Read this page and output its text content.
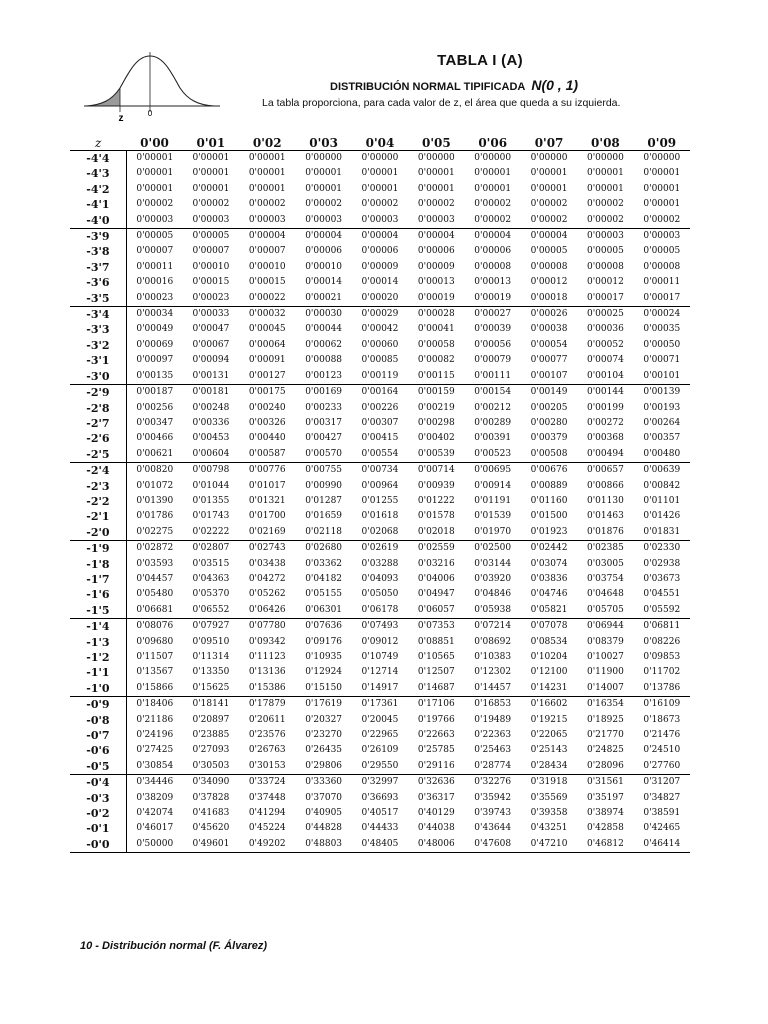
z	0
TABLA I (A)
DISTRIBUCIÓN NORMAL TIPIFICADA N(0 , 1)
La tabla proporciona, para cada valor de z, el área que queda a su izquierda.
z	0'00	0'01	0'02	0'03	0'04	0'05	0'06	0'07	0'08	0'09
-4'4	0'00001	0'00001	0'00001	0'00000	0'00000	0'00000	0'00000	0'00000	0'00000	0'00000
-4'3	0'00001	0'00001	0'00001	0'00001	0'00001	0'00001	0'00001	0'00001	0'00001	0'00001
-4'2	0'00001	0'00001	0'00001	0'00001	0'00001	0'00001	0'00001	0'00001	0'00001	0'00001
-4'1	0'00002	0'00002	0'00002	0'00002	0'00002	0'00002	0'00002	0'00002	0'00002	0'00001
-4'0	0'00003	0'00003	0'00003	0'00003	0'00003	0'00003	0'00002	0'00002	0'00002	0'00002
-3'9	0'00005	0'00005	0'00004	0'00004	0'00004	0'00004	0'00004	0'00004	0'00003	0'00003
-3'8	0'00007	0'00007	0'00007	0'00006	0'00006	0'00006	0'00006	0'00005	0'00005	0'00005
-3'7	0'00011	0'00010	0'00010	0'00010	0'00009	0'00009	0'00008	0'00008	0'00008	0'00008
-3'6	0'00016	0'00015	0'00015	0'00014	0'00014	0'00013	0'00013	0'00012	0'00012	0'00011
-3'5	0'00023	0'00023	0'00022	0'00021	0'00020	0'00019	0'00019	0'00018	0'00017	0'00017
-3'4	0'00034	0'00033	0'00032	0'00030	0'00029	0'00028	0'00027	0'00026	0'00025	0'00024
-3'3	0'00049	0'00047	0'00045	0'00044	0'00042	0'00041	0'00039	0'00038	0'00036	0'00035
-3'2	0'00069	0'00067	0'00064	0'00062	0'00060	0'00058	0'00056	0'00054	0'00052	0'00050
-3'1	0'00097	0'00094	0'00091	0'00088	0'00085	0'00082	0'00079	0'00077	0'00074	0'00071
-3'0	0'00135	0'00131	0'00127	0'00123	0'00119	0'00115	0'00111	0'00107	0'00104	0'00101
-2'9	0'00187	0'00181	0'00175	0'00169	0'00164	0'00159	0'00154	0'00149	0'00144	0'00139
-2'8	0'00256	0'00248	0'00240	0'00233	0'00226	0'00219	0'00212	0'00205	0'00199	0'00193
-2'7	0'00347	0'00336	0'00326	0'00317	0'00307	0'00298	0'00289	0'00280	0'00272	0'00264
-2'6	0'00466	0'00453	0'00440	0'00427	0'00415	0'00402	0'00391	0'00379	0'00368	0'00357
-2'5	0'00621	0'00604	0'00587	0'00570	0'00554	0'00539	0'00523	0'00508	0'00494	0'00480
-2'4	0'00820	0'00798	0'00776	0'00755	0'00734	0'00714	0'00695	0'00676	0'00657	0'00639
-2'3	0'01072	0'01044	0'01017	0'00990	0'00964	0'00939	0'00914	0'00889	0'00866	0'00842
-2'2	0'01390	0'01355	0'01321	0'01287	0'01255	0'01222	0'01191	0'01160	0'01130	0'01101
-2'1	0'01786	0'01743	0'01700	0'01659	0'01618	0'01578	0'01539	0'01500	0'01463	0'01426
-2'0	0'02275	0'02222	0'02169	0'02118	0'02068	0'02018	0'01970	0'01923	0'01876	0'01831
-1'9	0'02872	0'02807	0'02743	0'02680	0'02619	0'02559	0'02500	0'02442	0'02385	0'02330
-1'8	0'03593	0'03515	0'03438	0'03362	0'03288	0'03216	0'03144	0'03074	0'03005	0'02938
-1'7	0'04457	0'04363	0'04272	0'04182	0'04093	0'04006	0'03920	0'03836	0'03754	0'03673
-1'6	0'05480	0'05370	0'05262	0'05155	0'05050	0'04947	0'04846	0'04746	0'04648	0'04551
-1'5	0'06681	0'06552	0'06426	0'06301	0'06178	0'06057	0'05938	0'05821	0'05705	0'05592
-1'4	0'08076	0'07927	0'07780	0'07636	0'07493	0'07353	0'07214	0'07078	0'06944	0'06811
-1'3	0'09680	0'09510	0'09342	0'09176	0'09012	0'08851	0'08692	0'08534	0'08379	0'08226
-1'2	0'11507	0'11314	0'11123	0'10935	0'10749	0'10565	0'10383	0'10204	0'10027	0'09853
-1'1	0'13567	0'13350	0'13136	0'12924	0'12714	0'12507	0'12302	0'12100	0'11900	0'11702
-1'0	0'15866	0'15625	0'15386	0'15150	0'14917	0'14687	0'14457	0'14231	0'14007	0'13786
-0'9	0'18406	0'18141	0'17879	0'17619	0'17361	0'17106	0'16853	0'16602	0'16354	0'16109
-0'8	0'21186	0'20897	0'20611	0'20327	0'20045	0'19766	0'19489	0'19215	0'18925	0'18673
-0'7	0'24196	0'23885	0'23576	0'23270	0'22965	0'22663	0'22363	0'22065	0'21770	0'21476
-0'6	0'27425	0'27093	0'26763	0'26435	0'26109	0'25785	0'25463	0'25143	0'24825	0'24510
-0'5	0'30854	0'30503	0'30153	0'29806	0'29550	0'29116	0'28774	0'28434	0'28096	0'27760
-0'4	0'34446	0'34090	0'33724	0'33360	0'32997	0'32636	0'32276	0'31918	0'31561	0'31207
-0'3	0'38209	0'37828	0'37448	0'37070	0'36693	0'36317	0'35942	0'35569	0'35197	0'34827
-0'2	0'42074	0'41683	0'41294	0'40905	0'40517	0'40129	0'39743	0'39358	0'38974	0'38591
-0'1	0'46017	0'45620	0'45224	0'44828	0'44433	0'44038	0'43644	0'43251	0'42858	0'42465
-0'0	0'50000	0'49601	0'49202	0'48803	0'48405	0'48006	0'47608	0'47210	0'46812	0'46414
10 - Distribución normal (F. Álvarez)
